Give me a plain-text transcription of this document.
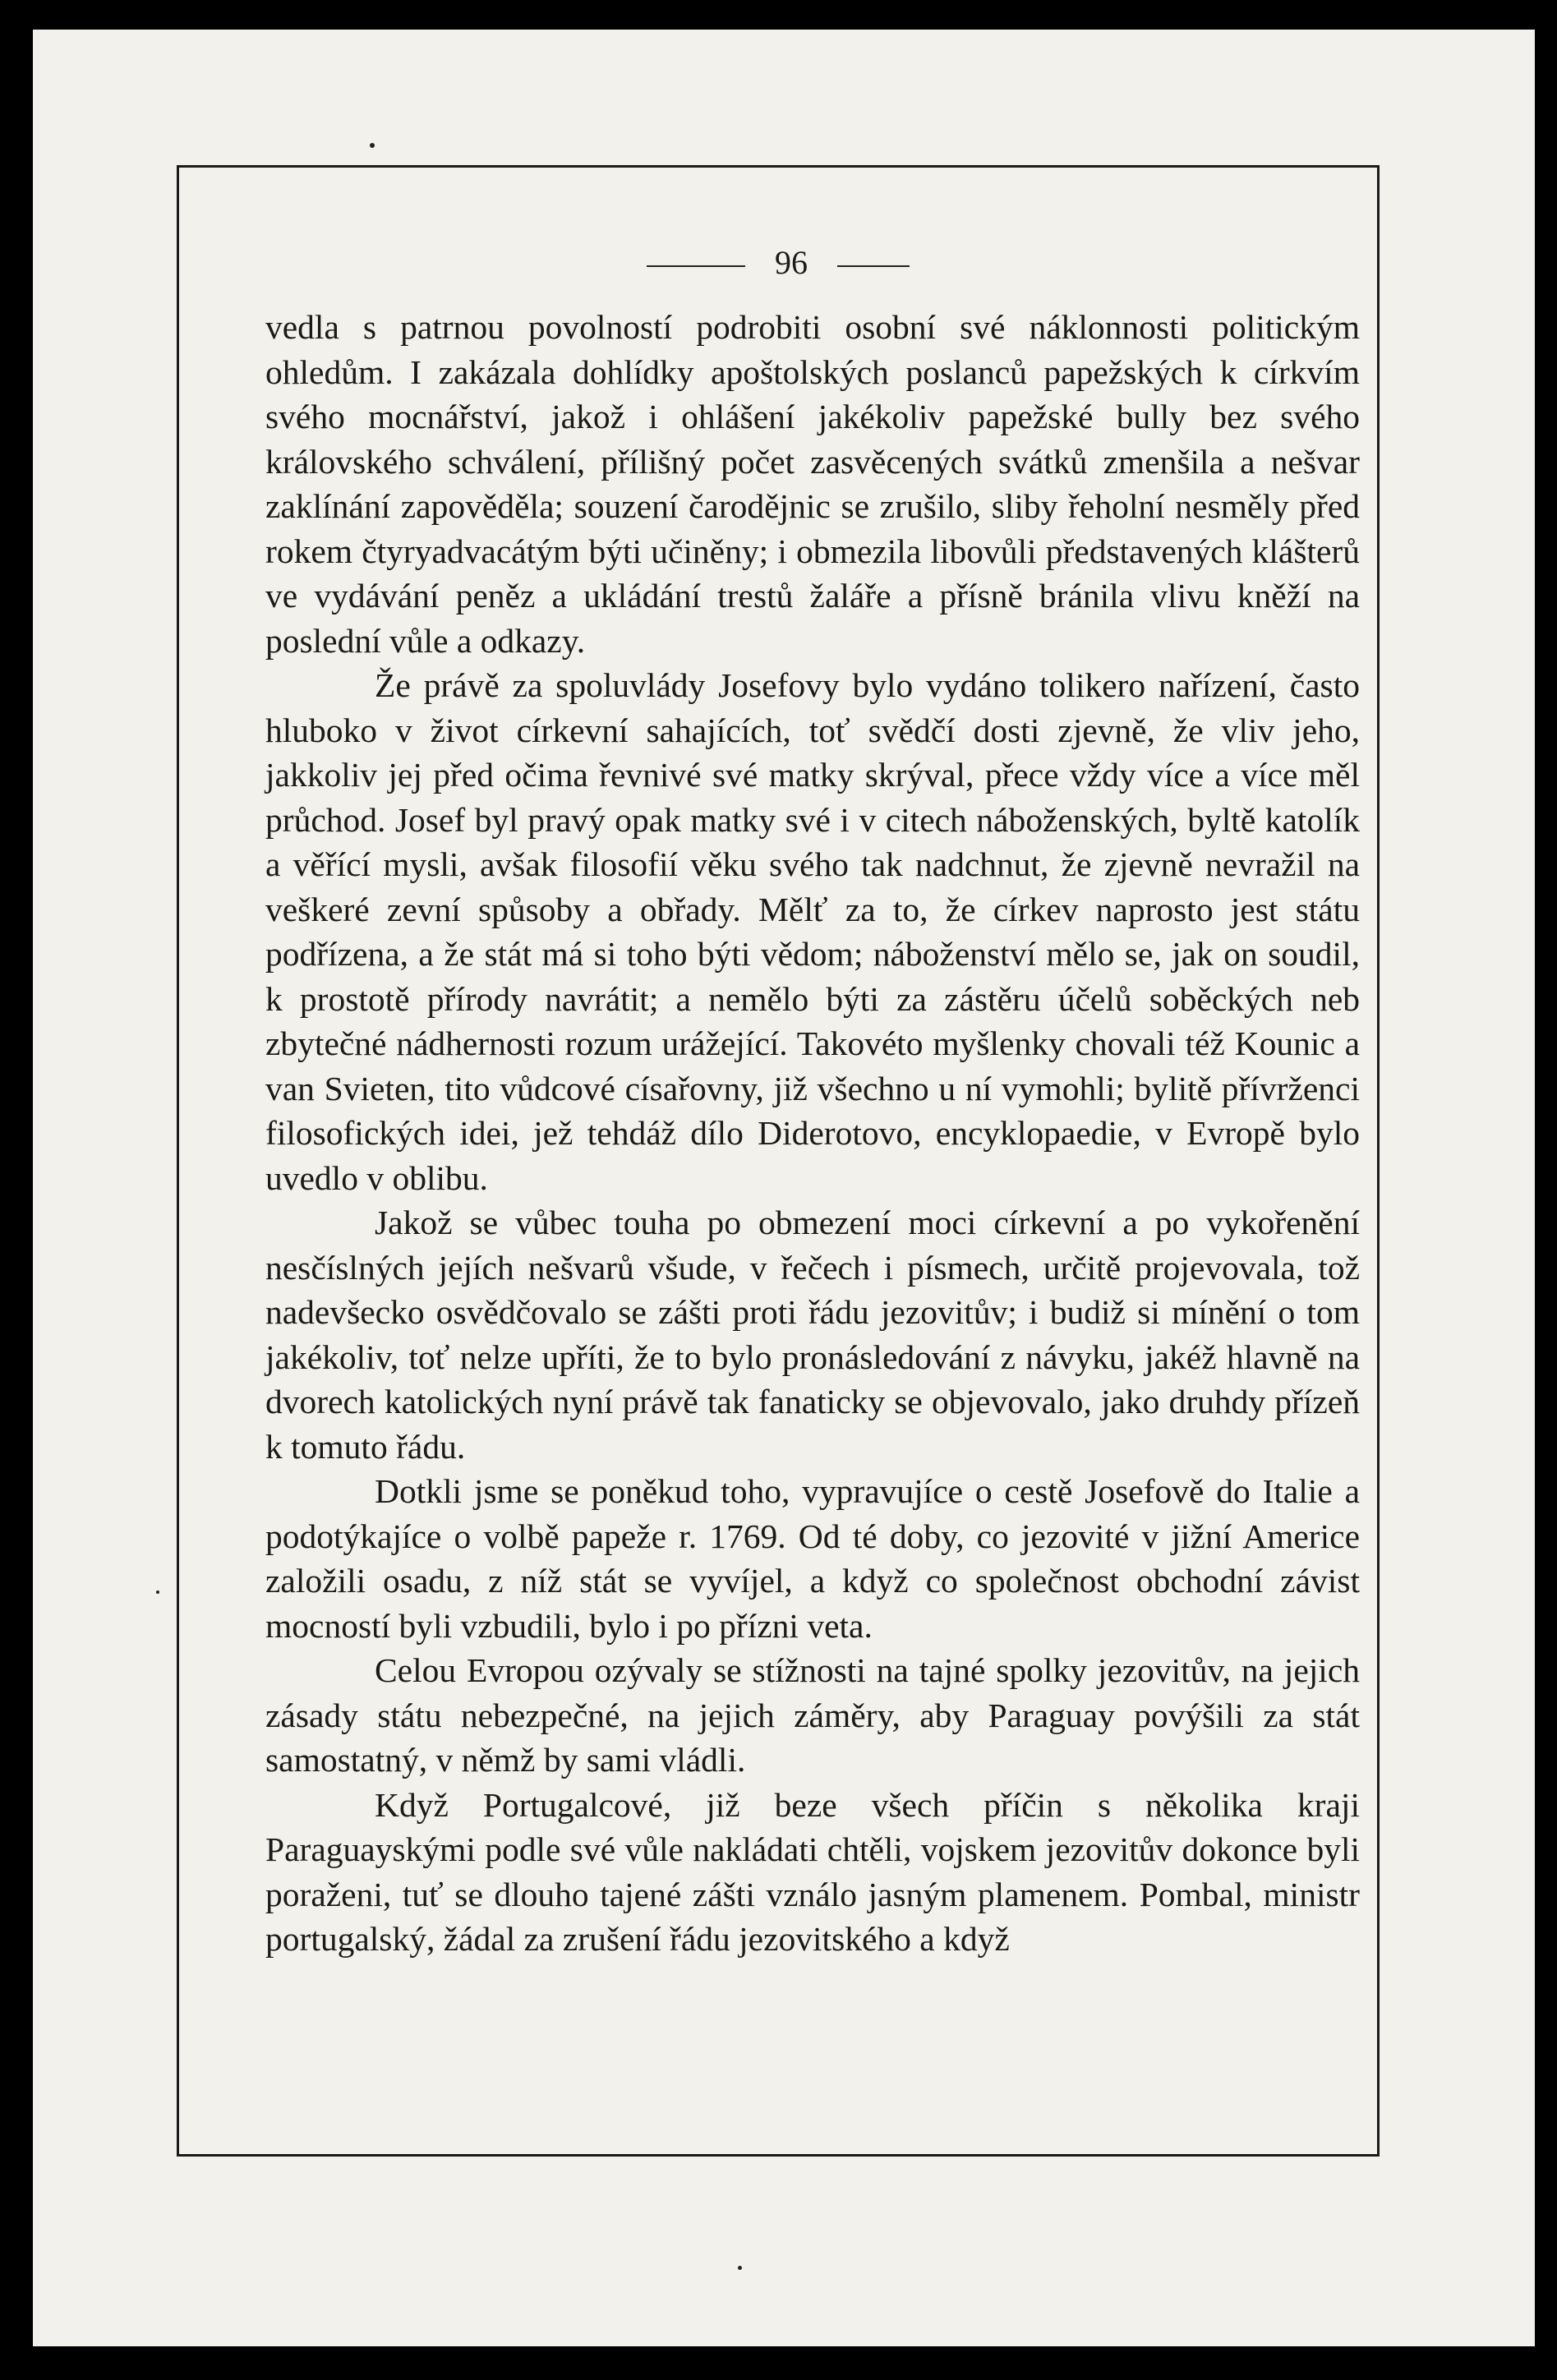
96

vedla s patrnou povolností podrobiti osobní své náklonnosti politickým ohledům. I zakázala dohlídky apoštolských poslanců papežských k církvím svého mocnářství, jakož i ohlášení jakékoliv papežské bully bez svého královského schválení, přílišný počet zasvěcených svátků zmenšila a nešvar zaklínání zapověděla; souzení čarodějnic se zrušilo, sliby řeholní nesměly před rokem čtyryadvacátým býti učiněny; i obmezila libovůli představených klášterů ve vydávání peněz a ukládání trestů žaláře a přísně bránila vlivu kněží na poslední vůle a odkazy.

Že právě za spoluvlády Josefovy bylo vydáno tolikero nařízení, často hluboko v život církevní sahajících, toť svědčí dosti zjevně, že vliv jeho, jakkoliv jej před očima řevnivé své matky skrýval, přece vždy více a více měl průchod. Josef byl pravý opak matky své i v citech náboženských, byltě katolík a věřící mysli, avšak filosofií věku svého tak nadchnut, že zjevně nevražil na veškeré zevní spůsoby a obřady. Mělť za to, že církev naprosto jest státu podřízena, a že stát má si toho býti vědom; náboženství mělo se, jak on soudil, k prostotě přírody navrátit; a nemělo býti za zástěru účelů soběckých neb zbytečné nádhernosti rozum urážející. Takovéto myšlenky chovali též Kounic a van Svieten, tito vůdcové císařovny, již všechno u ní vymohli; bylitě přívrženci filosofických idei, jež tehdáž dílo Diderotovo, encyklopaedie, v Evropě bylo uvedlo v oblibu.

Jakož se vůbec touha po obmezení moci církevní a po vykořenění nesčíslných jejích nešvarů všude, v řečech i písmech, určitě projevovala, tož nadevšecko osvědčovalo se zášti proti řádu jezovitův; i budiž si mínění o tom jakékoliv, toť nelze upříti, že to bylo pronásledování z návyku, jakéž hlavně na dvorech katolických nyní právě tak fanaticky se objevovalo, jako druhdy přízeň k tomuto řádu.

Dotkli jsme se poněkud toho, vypravujíce o cestě Josefově do Italie a podotýkajíce o volbě papeže r. 1769. Od té doby, co jezovité v jižní Americe založili osadu, z níž stát se vyvíjel, a když co společnost obchodní závist mocností byli vzbudili, bylo i po přízni veta.

Celou Evropou ozývaly se stížnosti na tajné spolky jezovitův, na jejich zásady státu nebezpečné, na jejich záměry, aby Paraguay povýšili za stát samostatný, v němž by sami vládli.

Když Portugalcové, již beze všech příčin s několika kraji Paraguayskými podle své vůle nakládati chtěli, vojskem jezovitův dokonce byli poraženi, tuť se dlouho tajené zášti vználo jasným plamenem. Pombal, ministr portugalský, žádal za zrušení řádu jezovitského a když
